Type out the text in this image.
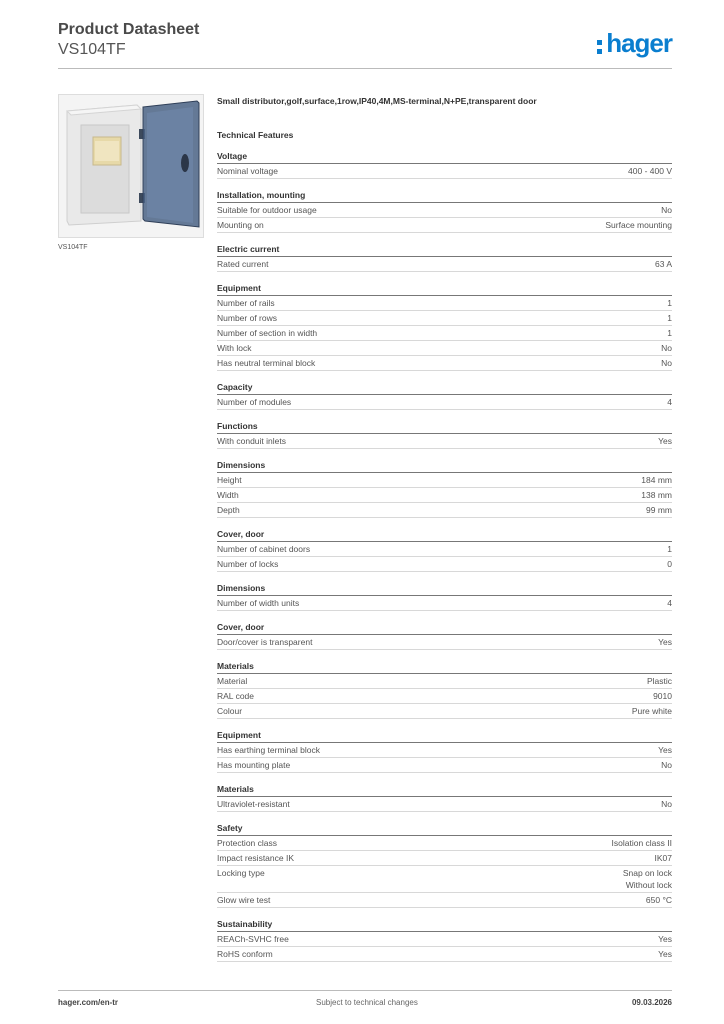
Product Datasheet
VS104TF	hager
VS104TF
Small distributor,golf,surface,1row,IP40,4M,MS-terminal,N+PE,transparent door
Technical Features
Voltage
Nominal voltage	400 - 400 V
Installation, mounting
Suitable for outdoor usage	No
Mounting on	Surface mounting
Electric current
Rated current	63 A
Equipment
Number of rails	1
Number of rows	1
Number of section in width	1
With lock	No
Has neutral terminal block	No
Capacity
Number of modules	4
Functions
With conduit inlets	Yes
Dimensions
Height	184 mm
Width	138 mm
Depth	99 mm
Cover, door
Number of cabinet doors	1
Number of locks	0
Dimensions
Number of width units	4
Cover, door
Door/cover is transparent	Yes
Materials
Material	Plastic
RAL code	9010
Colour	Pure white
Equipment
Has earthing terminal block	Yes
Has mounting plate	No
Materials
Ultraviolet-resistant	No
Safety
Protection class	Isolation class II
Impact resistance IK	IK07
Locking type	Snap on lock
Without lock
Glow wire test	650 °C
Sustainability
REACh-SVHC free	Yes
RoHS conform	Yes
hager.com/en-tr	Subject to technical changes	09.03.2026
